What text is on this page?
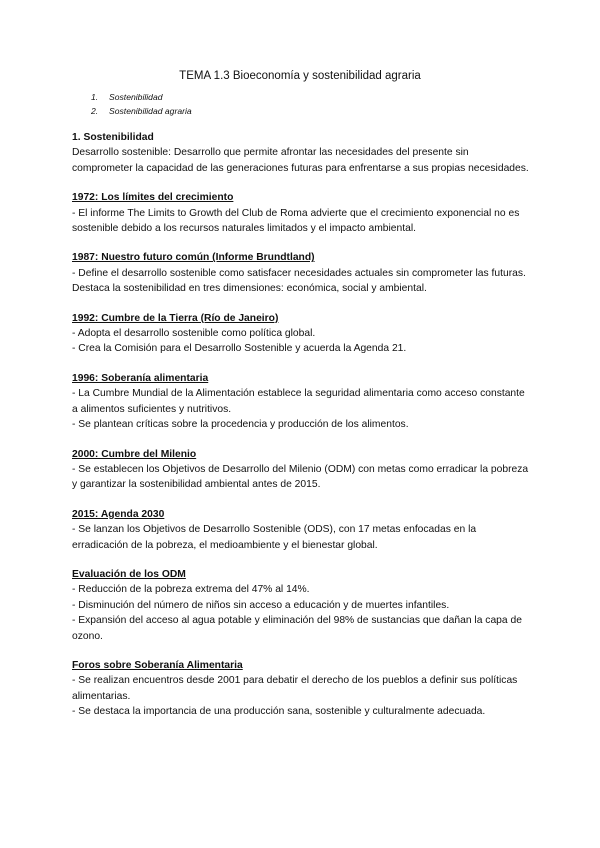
TEMA 1.3 Bioeconomía y sostenibilidad agraria
1.	Sostenibilidad
2.	Sostenibilidad agraria

1. Sostenibilidad

Desarrollo sostenible: Desarrollo que permite afrontar las necesidades del presente sin comprometer la capacidad de las generaciones futuras para enfrentarse a sus propias necesidades.

1972: Los límites del crecimiento

- El informe The Limits to Growth del Club de Roma advierte que el crecimiento exponencial no es sostenible debido a los recursos naturales limitados y el impacto ambiental.

1987: Nuestro futuro común (Informe Brundtland)

- Define el desarrollo sostenible como satisfacer necesidades actuales sin comprometer las futuras.

Destaca la sostenibilidad en tres dimensiones: económica, social y ambiental.

1992: Cumbre de la Tierra (Río de Janeiro)

- Adopta el desarrollo sostenible como política global.

- Crea la Comisión para el Desarrollo Sostenible y acuerda la Agenda 21.

1996: Soberanía alimentaria

- La Cumbre Mundial de la Alimentación establece la seguridad alimentaria como acceso constante a alimentos suficientes y nutritivos.

- Se plantean críticas sobre la procedencia y producción de los alimentos.

2000: Cumbre del Milenio

- Se establecen los Objetivos de Desarrollo del Milenio (ODM) con metas como erradicar la pobreza y garantizar la sostenibilidad ambiental antes de 2015.

2015: Agenda 2030

- Se lanzan los Objetivos de Desarrollo Sostenible (ODS), con 17 metas enfocadas en la erradicación de la pobreza, el medioambiente y el bienestar global.

Evaluación de los ODM

- Reducción de la pobreza extrema del 47% al 14%.

- Disminución del número de niños sin acceso a educación y de muertes infantiles.

- Expansión del acceso al agua potable y eliminación del 98% de sustancias que dañan la capa de ozono.

Foros sobre Soberanía Alimentaria

- Se realizan encuentros desde 2001 para debatir el derecho de los pueblos a definir sus políticas alimentarias.

- Se destaca la importancia de una producción sana, sostenible y culturalmente adecuada.
